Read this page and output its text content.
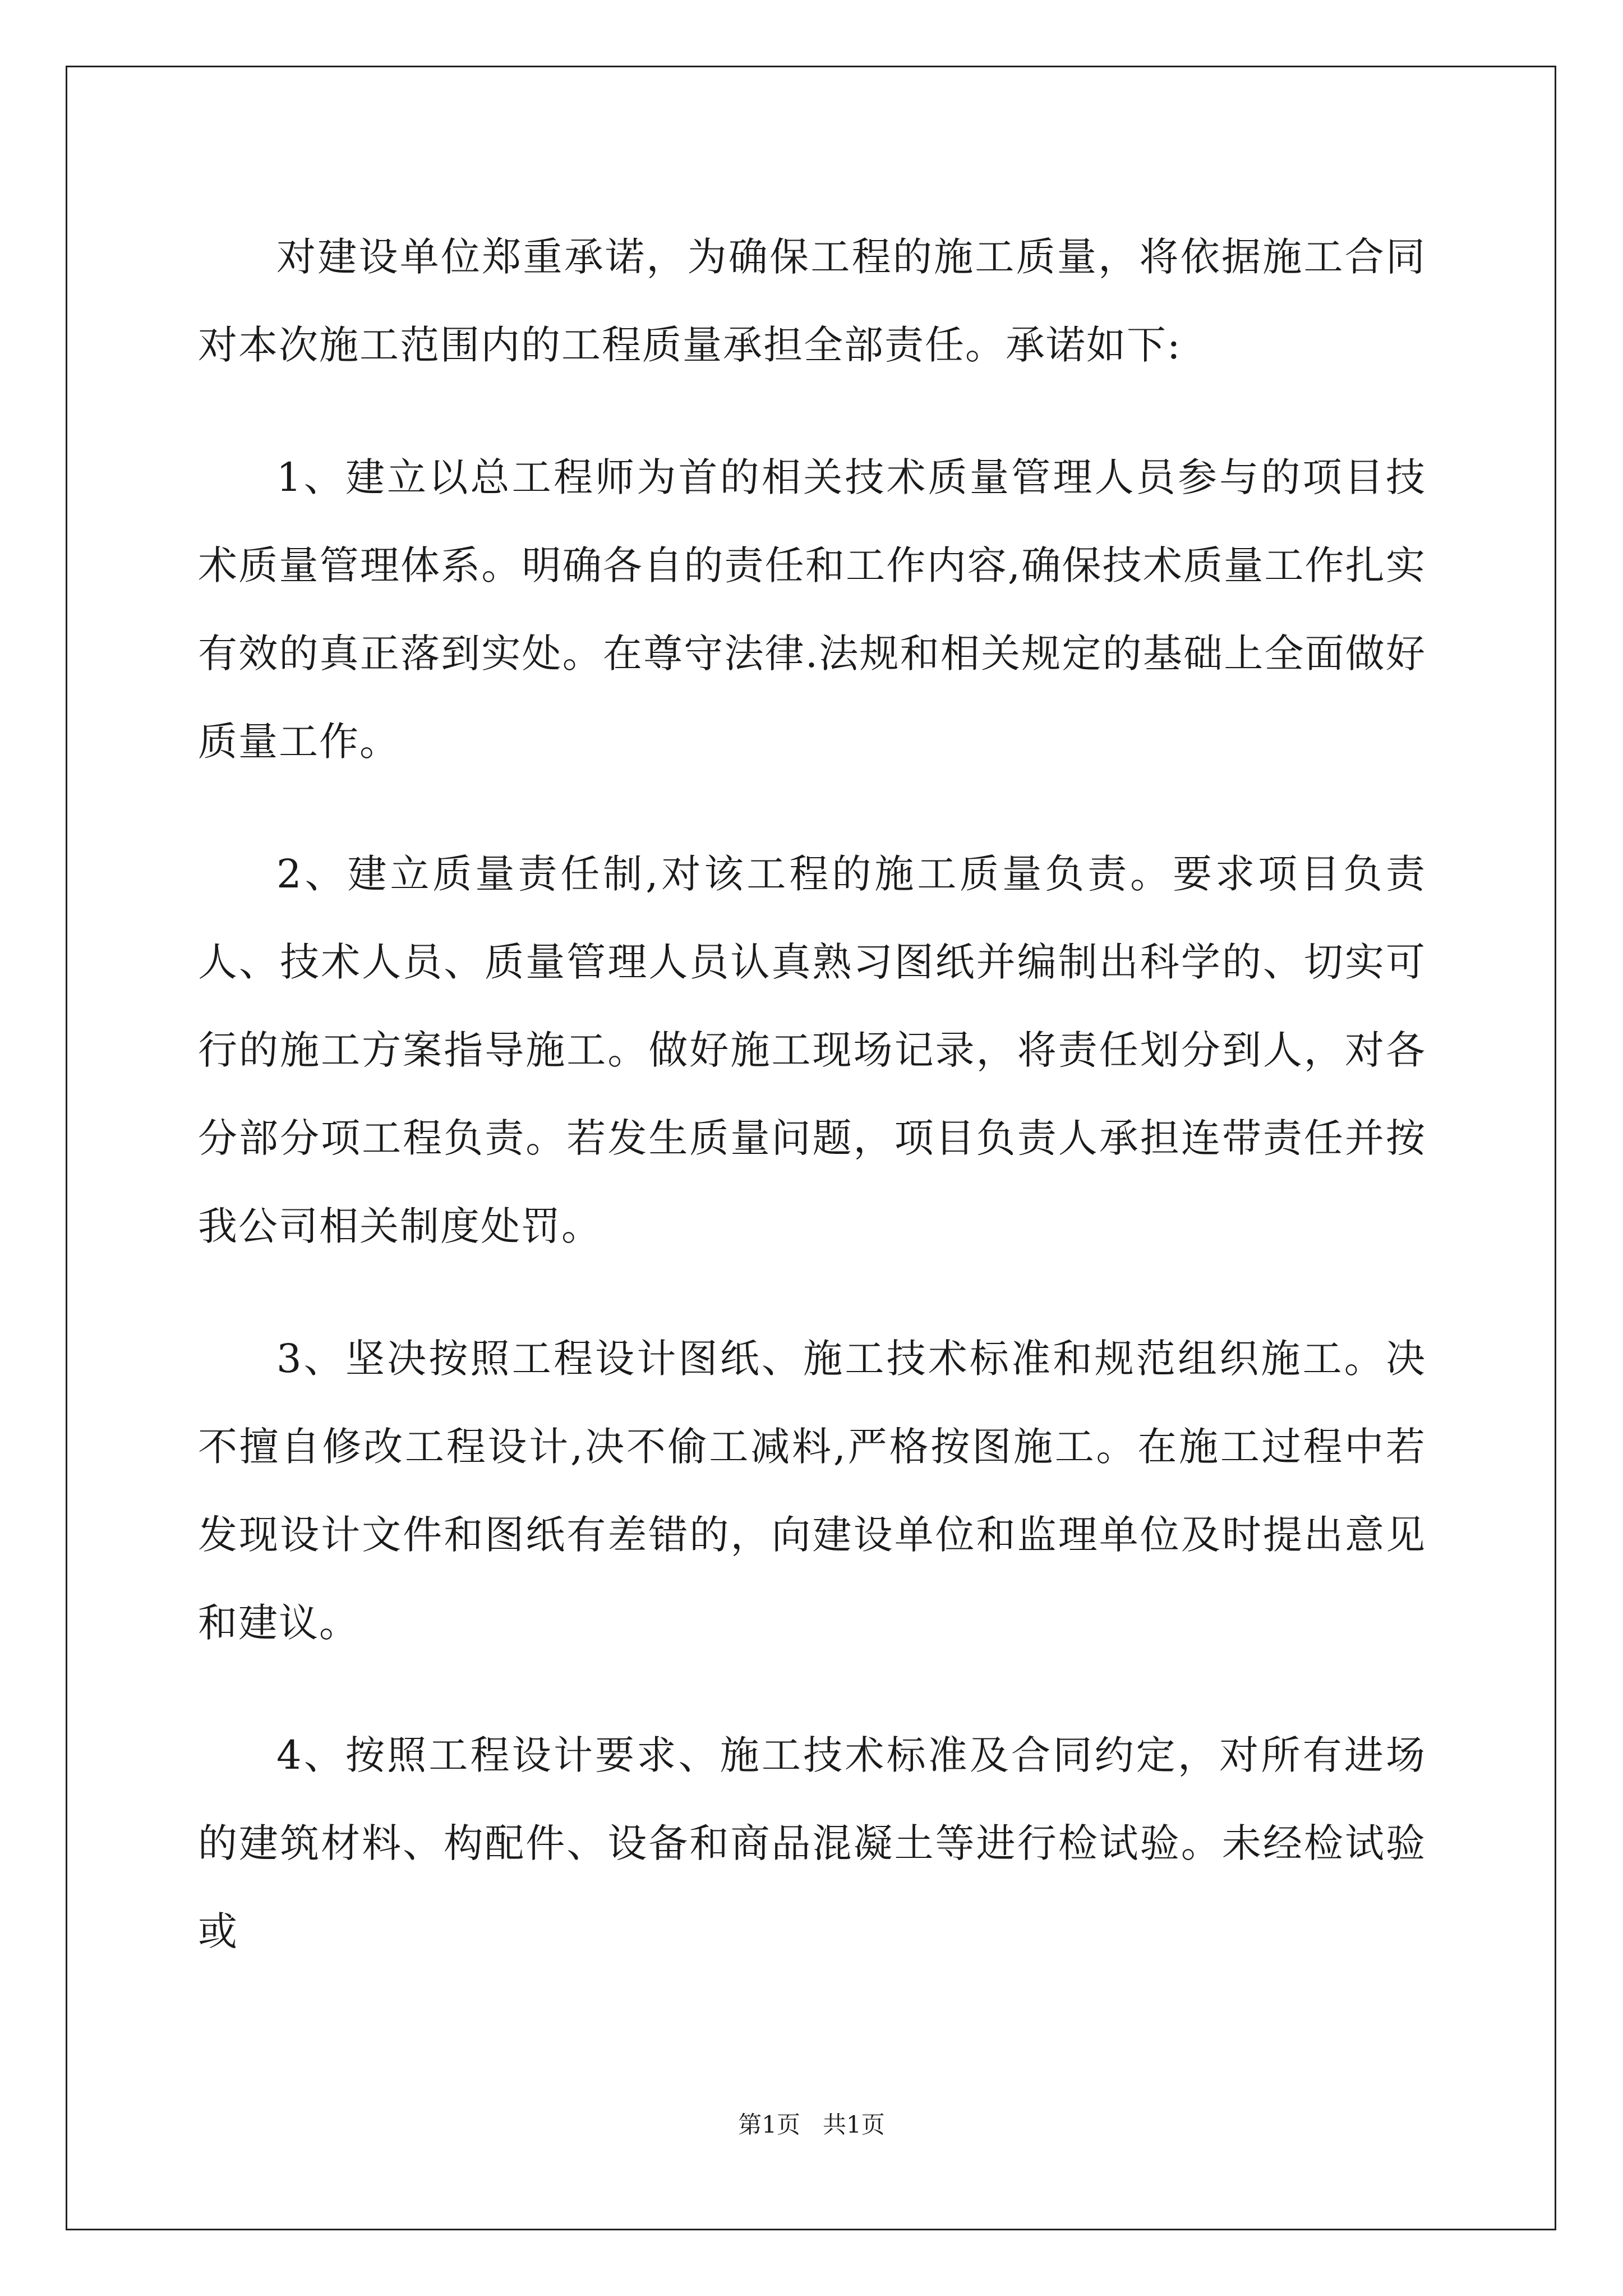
对建设单位郑重承诺，为确保工程的施工质量，将依据施工合同对本次施工范围内的工程质量承担全部责任。承诺如下:

1、建立以总工程师为首的相关技术质量管理人员参与的项目技术质量管理体系。明确各自的责任和工作内容,确保技术质量工作扎实有效的真正落到实处。在尊守法律.法规和相关规定的基础上全面做好质量工作。

2、建立质量责任制,对该工程的施工质量负责。要求项目负责人、技术人员、质量管理人员认真熟习图纸并编制出科学的、切实可行的施工方案指导施工。做好施工现场记录，将责任划分到人，对各分部分项工程负责。若发生质量问题，项目负责人承担连带责任并按我公司相关制度处罚。

3、坚决按照工程设计图纸、施工技术标准和规范组织施工。决不擅自修改工程设计,决不偷工减料,严格按图施工。在施工过程中若发现设计文件和图纸有差错的，向建设单位和监理单位及时提出意见和建议。

4、按照工程设计要求、施工技术标准及合同约定，对所有进场的建筑材料、构配件、设备和商品混凝土等进行检试验。未经检试验或

第1页   共1页
